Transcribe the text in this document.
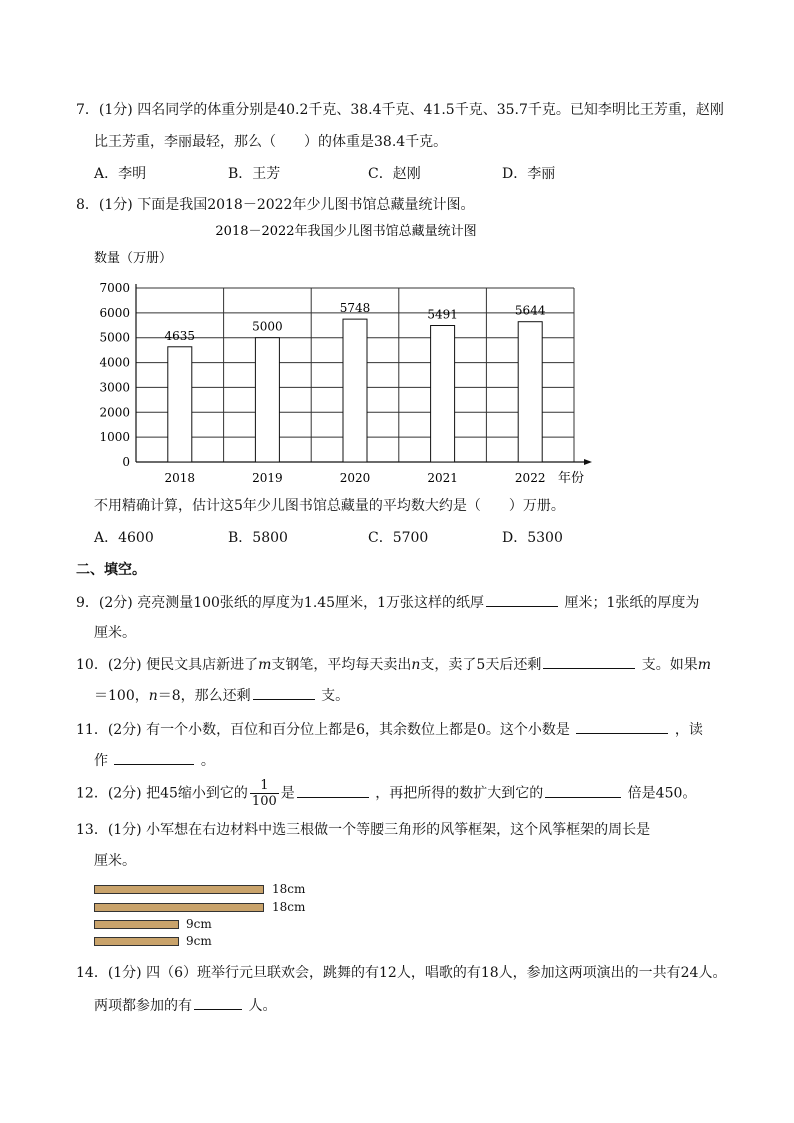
7．(1分) 四名同学的体重分别是40.2千克、38.4千克、41.5千克、35.7千克。已知李明比王芳重，赵刚
比王芳重，李丽最轻，那么（　　）的体重是38.4千克。
A．李明	B．王芳	C．赵刚	D．李丽
8．(1分) 下面是我国2018－2022年少儿图书馆总藏量统计图。
2018－2022年我国少儿图书馆总藏量统计图
数量（万册）
0
1000
2000
3000
4000
5000
6000
7000
4635
2018
5000
2019
5748
2020
5491
2021
5644
2022 年份
不用精确计算，估计这5年少儿图书馆总藏量的平均数大约是（　　）万册。
A．4600	B．5800	C．5700	D．5300
二、填空。
9．(2分) 亮亮测量100张纸的厚度为1.45厘米，1万张这样的纸厚	厘米；1张纸的厚度为
厘米。
10．(2分) 便民文具店新进了m支钢笔，平均每天卖出n支，卖了5天后还剩	支。如果m
＝100，n＝8，那么还剩	支。
11．(2分) 有一个小数，百位和百分位上都是6，其余数位上都是0。这个小数是	，读
作	。
12．(2分) 把45缩小到它的 $\frac{1}{100}$ 是	，再把所得的数扩大到它的	倍是450。
13．(1分) 小军想在右边材料中选三根做一个等腰三角形的风筝框架，这个风筝框架的周长是
厘米。
18cm
18cm
9cm
9cm
14．(1分) 四（6）班举行元旦联欢会，跳舞的有12人，唱歌的有18人，参加这两项演出的一共有24人。
两项都参加的有	人。
